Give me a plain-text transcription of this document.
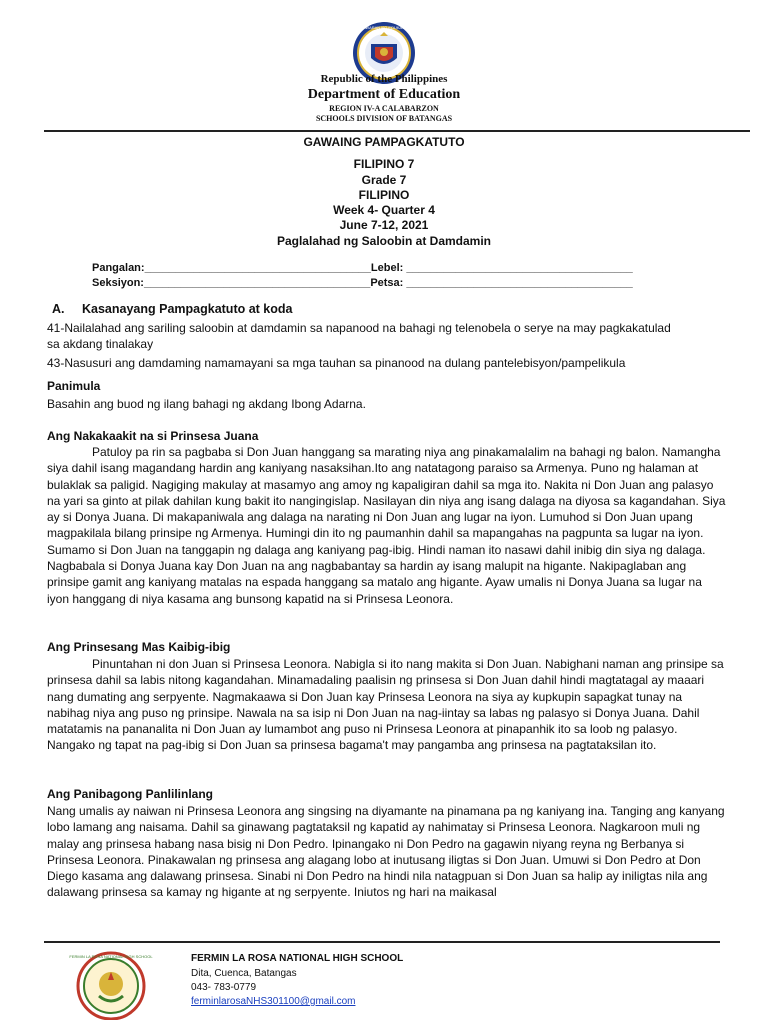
KAGAWARAN NG EDUKASYON
Republic of the Philippines
Department of Education
REGION IV-A CALABARZON
SCHOOLS DIVISION OF BATANGAS
GAWAING PAMPAGKATUTO
FILIPINO 7
Grade 7
FILIPINO
Week 4- Quarter 4
June 7-12, 2021
Paglalahad ng Saloobin at Damdamin
Pangalan:_____________________________________Lebel: _____________________________________
Seksiyon:_____________________________________Petsa: _____________________________________
A. Kasanayang Pampagkatuto at koda

41-Nailalahad ang sariling saloobin at damdamin sa napanood na bahagi ng telenobela o serye na may pagkakatulad

sa akdang tinalakay

43-Nasusuri ang damdaming namamayani sa mga tauhan sa pinanood na dulang pantelebisyon/pampelikula

Panimula
Basahin ang buod ng ilang bahagi ng akdang Ibong Adarna.
Ang Nakakaakit na si Prinsesa Juana

Patuloy pa rin sa pagbaba si Don Juan hanggang sa marating niya ang pinakamalalim na bahagi ng balon. Namangha siya dahil isang magandang hardin ang kaniyang nasaksihan.Ito ang natatagong paraiso sa Armenya. Puno ng halaman at bulaklak sa paligid. Nagiging makulay at masamyo ang amoy ng kapaligiran dahil sa mga ito. Nakita ni Don Juan ang palasyo na yari sa ginto at pilak dahilan kung bakit ito nangingislap. Nasilayan din niya ang isang dalaga na diyosa sa kagandahan. Siya ay si Donya Juana. Di makapaniwala ang dalaga na narating ni Don Juan ang lugar na iyon. Lumuhod si Don Juan upang magpakilala bilang prinsipe ng Armenya. Humingi din ito ng paumanhin dahil sa mapangahas na pagpunta sa lugar na iyon. Sumamo si Don Juan na tanggapin ng dalaga ang kaniyang pag-ibig. Hindi naman ito nasawi dahil inibig din siya ng dalaga. Nagbabala si Donya Juana kay Don Juan na ang nagbabantay sa hardin ay isang malupit na higante. Nakipaglaban ang prinsipe gamit ang kaniyang matalas na espada hanggang sa matalo ang higante. Ayaw umalis ni Donya Juana sa lugar na iyon hanggang di niya kasama ang bunsong kapatid na si Prinsesa Leonora.

Ang Prinsesang Mas Kaibig-ibig

Pinuntahan ni don Juan si Prinsesa Leonora. Nabigla si ito nang makita si Don Juan. Nabighani naman ang prinsipe sa prinsesa dahil sa labis nitong kagandahan. Minamadaling paalisin ng prinsesa si Don Juan dahil hindi magtatagal ay maaari nang dumating ang serpyente. Nagmakaawa si Don Juan kay Prinsesa Leonora na siya ay kupkupin sapagkat tunay na nabihag niya ang puso ng prinsipe. Nawala na sa isip ni Don Juan na nag-iintay sa labas ng palasyo si Donya Juana. Dahil matatamis na pananalita ni Don Juan ay lumambot ang puso ni Prinsesa Leonora at pinapanhik ito sa loob ng palasyo. Nangako ng tapat na pag-ibig si Don Juan sa prinsesa bagama't may pangamba ang prinsesa na pagtataksilan ito.

Ang Panibagong Panlilinlang

Nang umalis ay naiwan ni Prinsesa Leonora ang singsing na diyamante na pinamana pa ng kaniyang ina. Tanging ang kanyang lobo lamang ang naisama. Dahil sa ginawang pagtataksil ng kapatid ay nahimatay si Prinsesa Leonora. Nagkaroon muli ng malay ang prinsesa habang nasa bisig ni Don Pedro. Ipinangako ni Don Pedro na gagawin niyang reyna ng Berbanya si Prinsesa Leonora. Pinakawalan ng prinsesa ang alagang lobo at inutusang iligtas si Don Juan. Umuwi si Don Pedro at Don Diego kasama ang dalawang prinsesa. Sinabi ni Don Pedro na hindi nila natagpuan si Don Juan sa halip ay iniligtas nila ang dalawang prinsesa sa kamay ng higante at ng serpyente. Iniutos ng hari na maikasal

FERMIN LA ROSA NATIONAL HIGH SCHOOL	FERMIN LA ROSA NATIONAL HIGH SCHOOL
Dita, Cuenca, Batangas
043- 783-0779
ferminlarosaNHS301100@gmail.com
